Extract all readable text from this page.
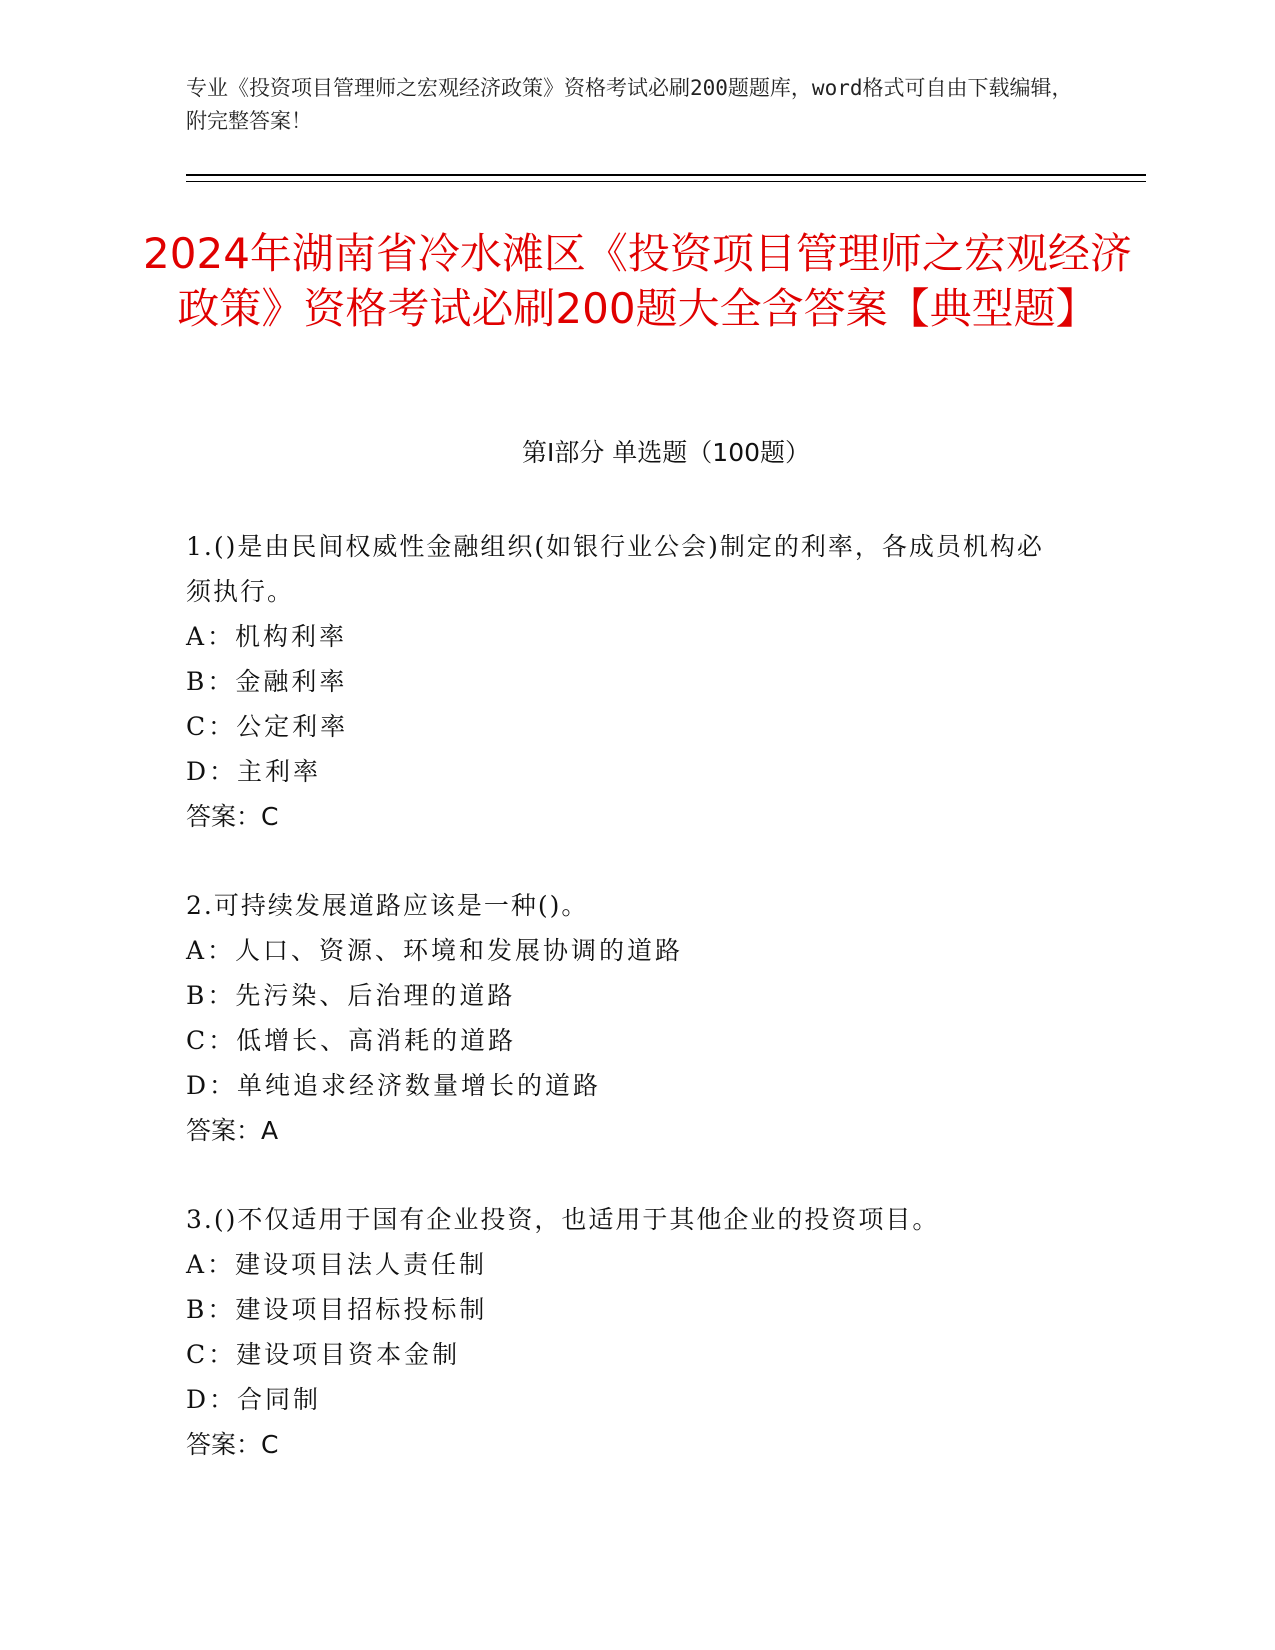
专业《投资项目管理师之宏观经济政策》资格考试必刷200题题库，word格式可自由下载编辑，附完整答案！
2024年湖南省冷水滩区《投资项目管理师之宏观经济政策》资格考试必刷200题大全含答案【典型题】
第Ⅰ部分 单选题（100题）

1.()是由民间权威性金融组织(如银行业公会)制定的利率，各成员机构必须执行。

A：机构利率

B：金融利率

C：公定利率

D：主利率

答案：C

2.可持续发展道路应该是一种()。

A：人口、资源、环境和发展协调的道路

B：先污染、后治理的道路

C：低增长、高消耗的道路

D：单纯追求经济数量增长的道路

答案：A

3.()不仅适用于国有企业投资，也适用于其他企业的投资项目。

A：建设项目法人责任制

B：建设项目招标投标制

C：建设项目资本金制

D：合同制

答案：C
